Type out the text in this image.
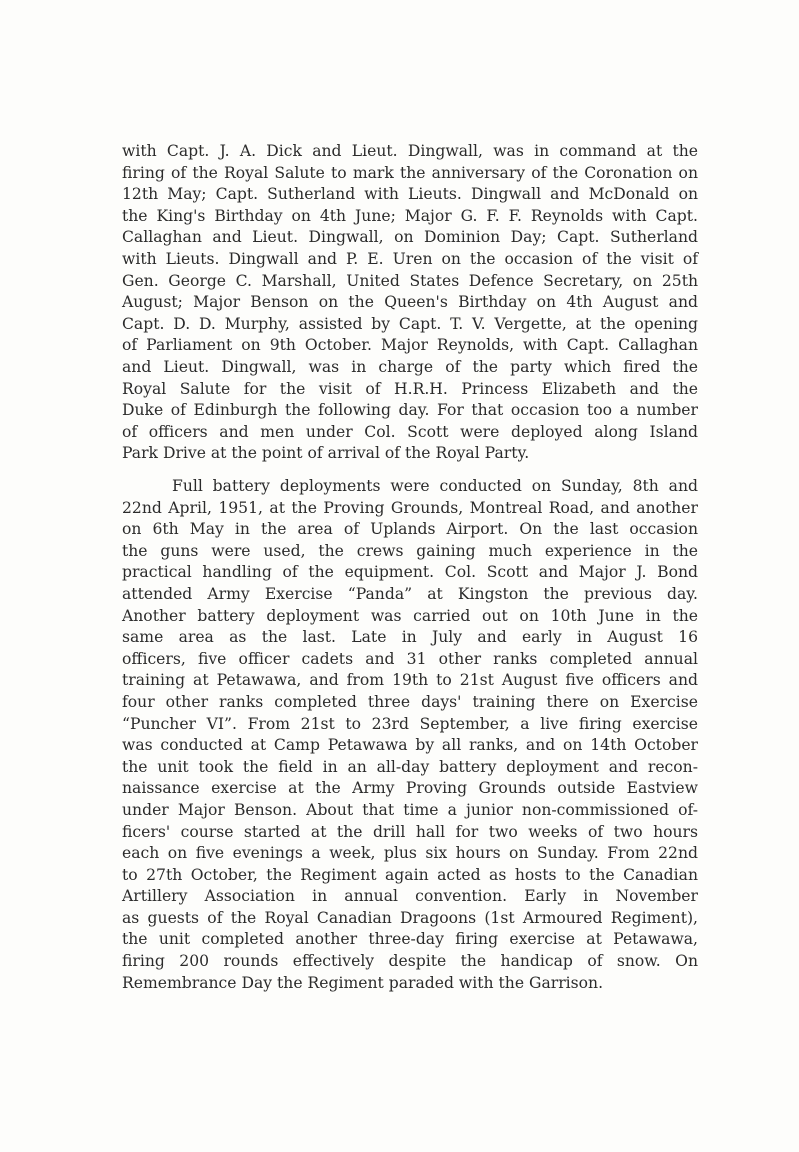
with Capt. J. A. Dick and Lieut. Dingwall, was in command at the
firing of the Royal Salute to mark the anniversary of the Coronation on
12th May; Capt. Sutherland with Lieuts. Dingwall and McDonald on
the King's Birthday on 4th June; Major G. F. F. Reynolds with Capt.
Callaghan and Lieut. Dingwall, on Dominion Day; Capt. Sutherland
with Lieuts. Dingwall and P. E. Uren on the occasion of the visit of
Gen. George C. Marshall, United States Defence Secretary, on 25th
August; Major Benson on the Queen's Birthday on 4th August and
Capt. D. D. Murphy, assisted by Capt. T. V. Vergette, at the opening
of Parliament on 9th October. Major Reynolds, with Capt. Callaghan
and Lieut. Dingwall, was in charge of the party which fired the
Royal Salute for the visit of H.R.H. Princess Elizabeth and the
Duke of Edinburgh the following day. For that occasion too a number
of officers and men under Col. Scott were deployed along Island
Park Drive at the point of arrival of the Royal Party.
Full battery deployments were conducted on Sunday, 8th and
22nd April, 1951, at the Proving Grounds, Montreal Road, and another
on 6th May in the area of Uplands Airport. On the last occasion
the guns were used, the crews gaining much experience in the
practical handling of the equipment. Col. Scott and Major J. Bond
attended Army Exercise “Panda” at Kingston the previous day.
Another battery deployment was carried out on 10th June in the
same area as the last. Late in July and early in August 16
officers, five officer cadets and 31 other ranks completed annual
training at Petawawa, and from 19th to 21st August five officers and
four other ranks completed three days' training there on Exercise
“Puncher VI”. From 21st to 23rd September, a live firing exercise
was conducted at Camp Petawawa by all ranks, and on 14th October
the unit took the field in an all-day battery deployment and recon-
naissance exercise at the Army Proving Grounds outside Eastview
under Major Benson. About that time a junior non-commissioned of-
ficers' course started at the drill hall for two weeks of two hours
each on five evenings a week, plus six hours on Sunday. From 22nd
to 27th October, the Regiment again acted as hosts to the Canadian
Artillery Association in annual convention. Early in November
as guests of the Royal Canadian Dragoons (1st Armoured Regiment),
the unit completed another three-day firing exercise at Petawawa,
firing 200 rounds effectively despite the handicap of snow. On
Remembrance Day the Regiment paraded with the Garrison.
